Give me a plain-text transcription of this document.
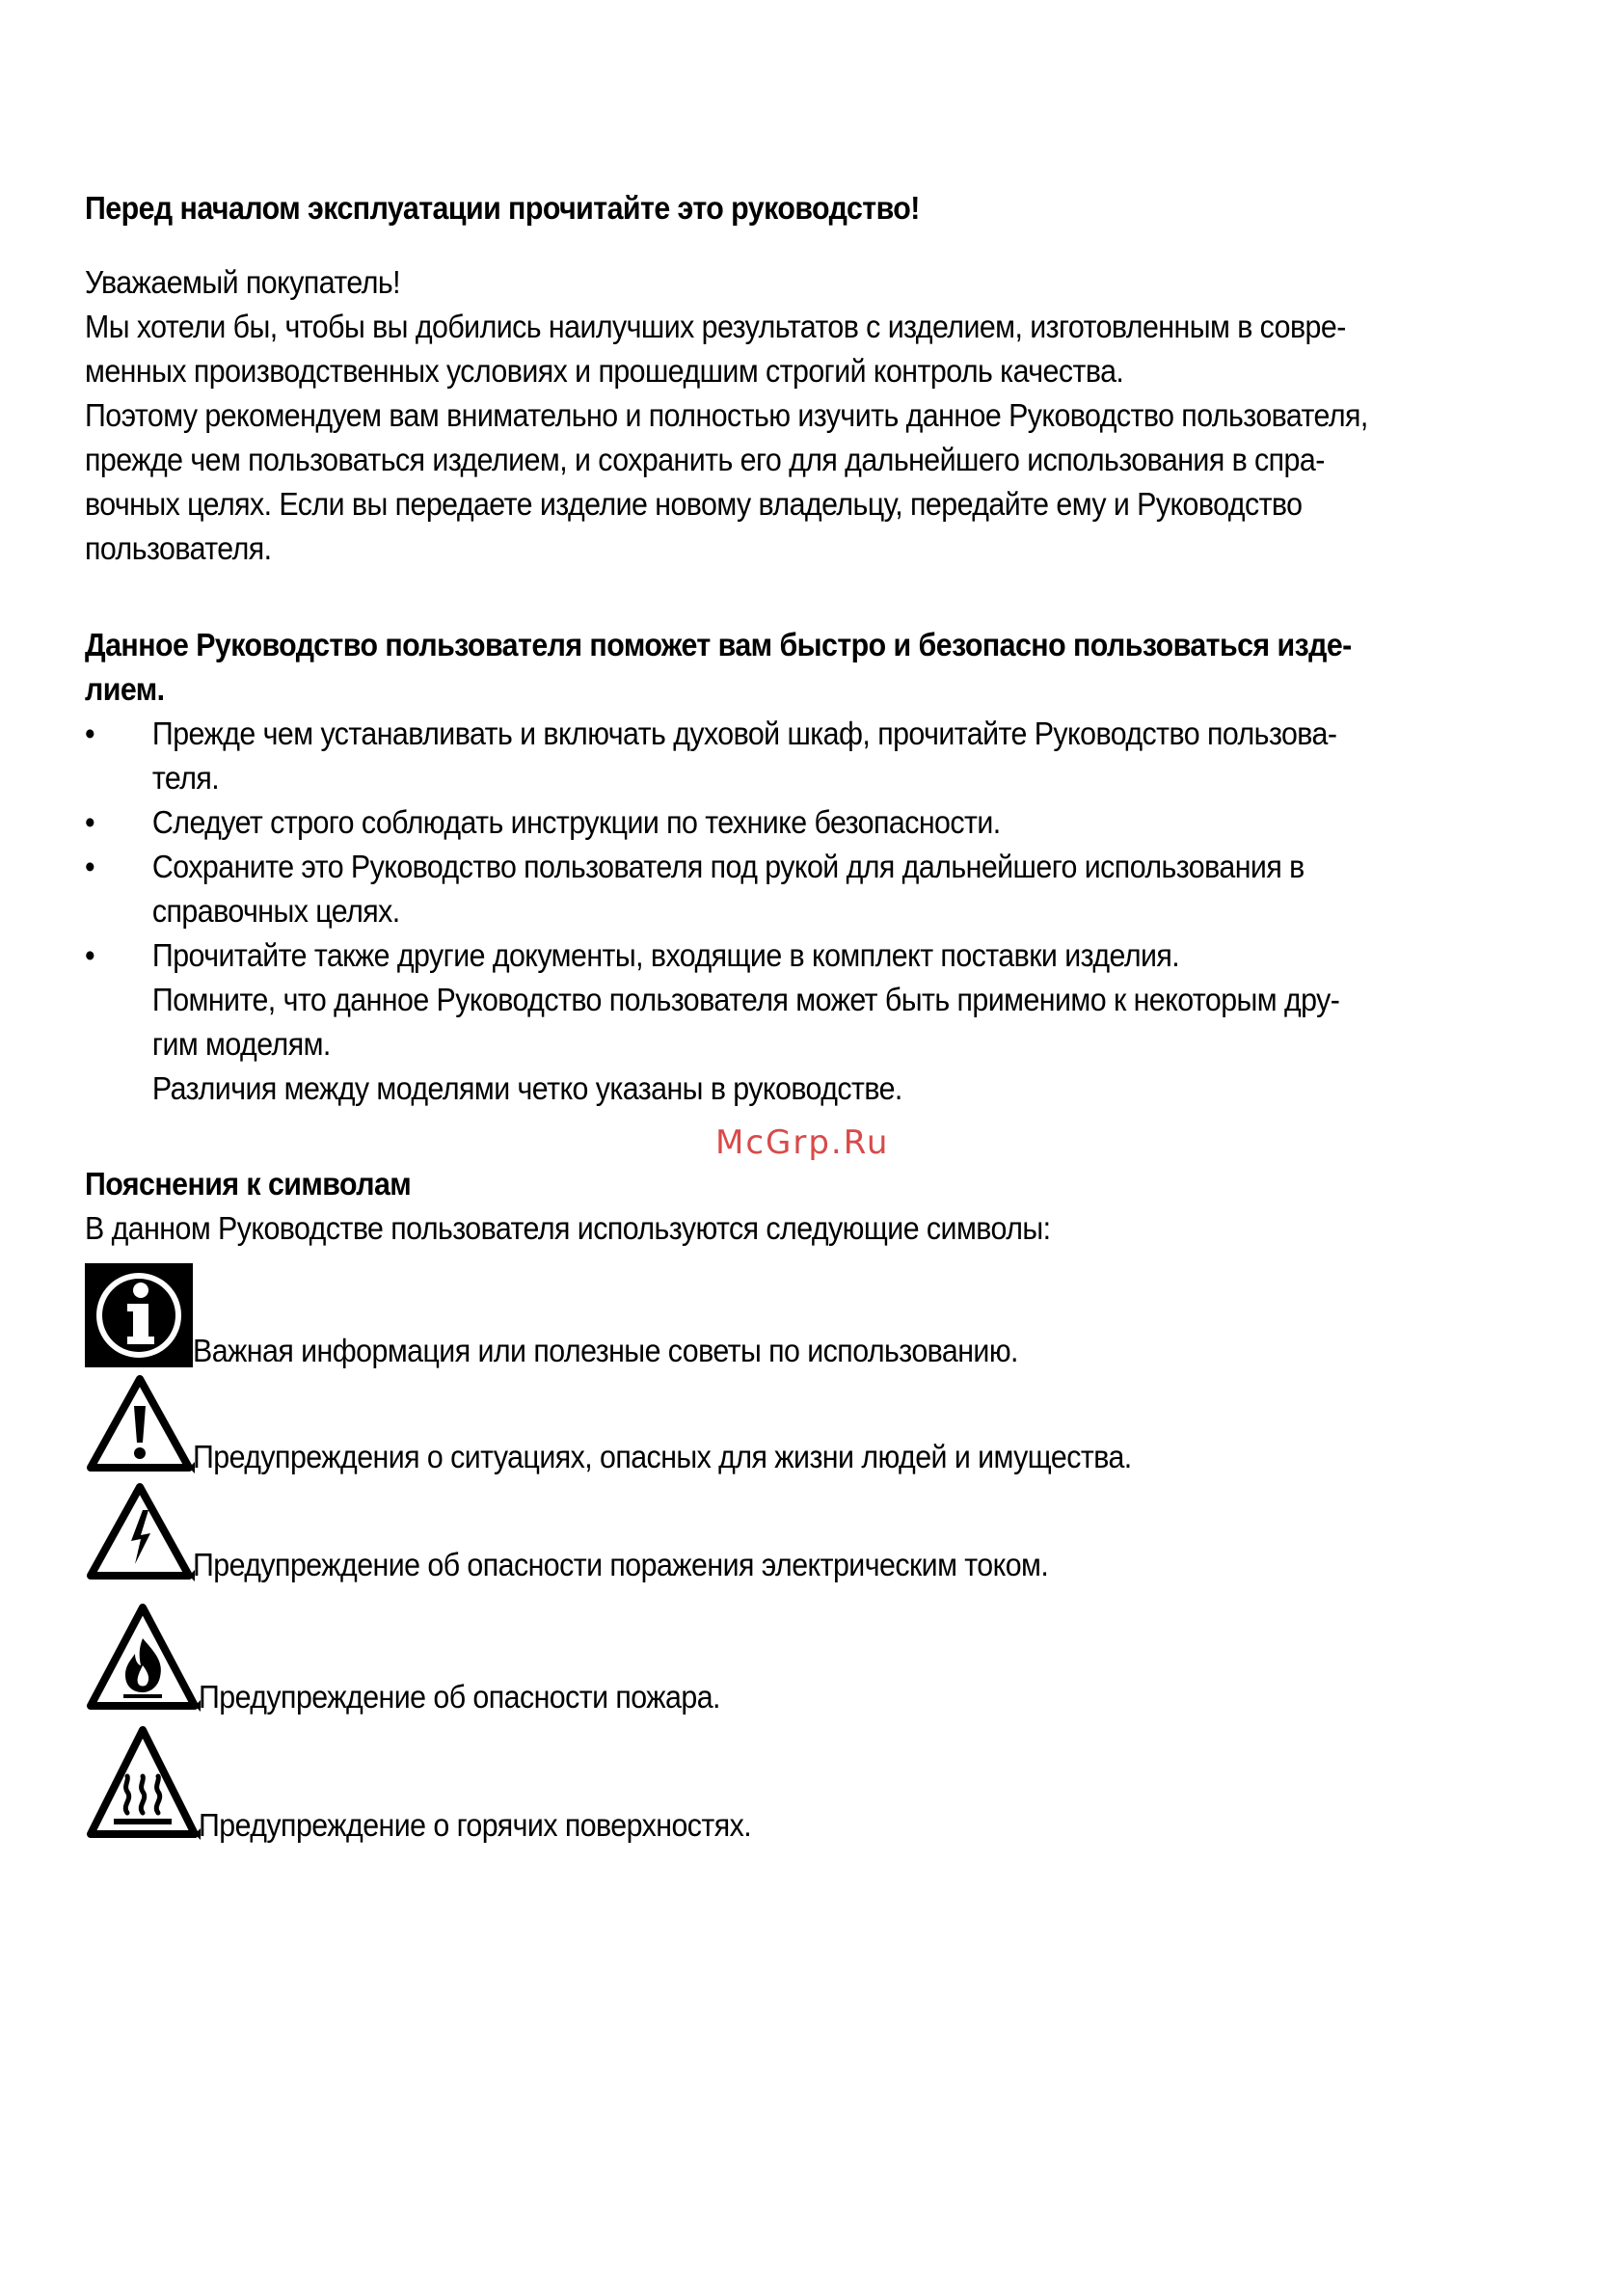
Перед началом эксплуатации прочитайте это руководство!
Уважаемый покупатель!

Мы хотели бы, чтобы вы добились наилучших результатов с изделием, изготовленным в совре-

менных производственных условиях и прошедшим строгий контроль качества.

Поэтому рекомендуем вам внимательно и полностью изучить данное Руководство пользователя,

прежде чем пользоваться изделием, и сохранить его для дальнейшего использования в спра-

вочных целях. Если вы передаете изделие новому владельцу, передайте ему и Руководство

пользователя.

Данное Руководство пользователя поможет вам быстро и безопасно пользоваться изде-
лием.
• Прежде чем устанавливать и включать духовой шкаф, прочитайте Руководство пользова-

теля.

• Следует строго соблюдать инструкции по технике безопасности.

• Сохраните это Руководство пользователя под рукой для дальнейшего использования в

справочных целях.

• Прочитайте также другие документы, входящие в комплект поставки изделия.

Помните, что данное Руководство пользователя может быть применимо к некоторым дру-

гим моделям.

Различия между моделями четко указаны в руководстве.

McGrp.Ru
Пояснения к символам
В данном Руководстве пользователя используются следующие символы:
Важная информация или полезные советы по использованию.
Предупреждения о ситуациях, опасных для жизни людей и имущества.
Предупреждение об опасности поражения электрическим током.
Предупреждение об опасности пожара.
Предупреждение о горячих поверхностях.
